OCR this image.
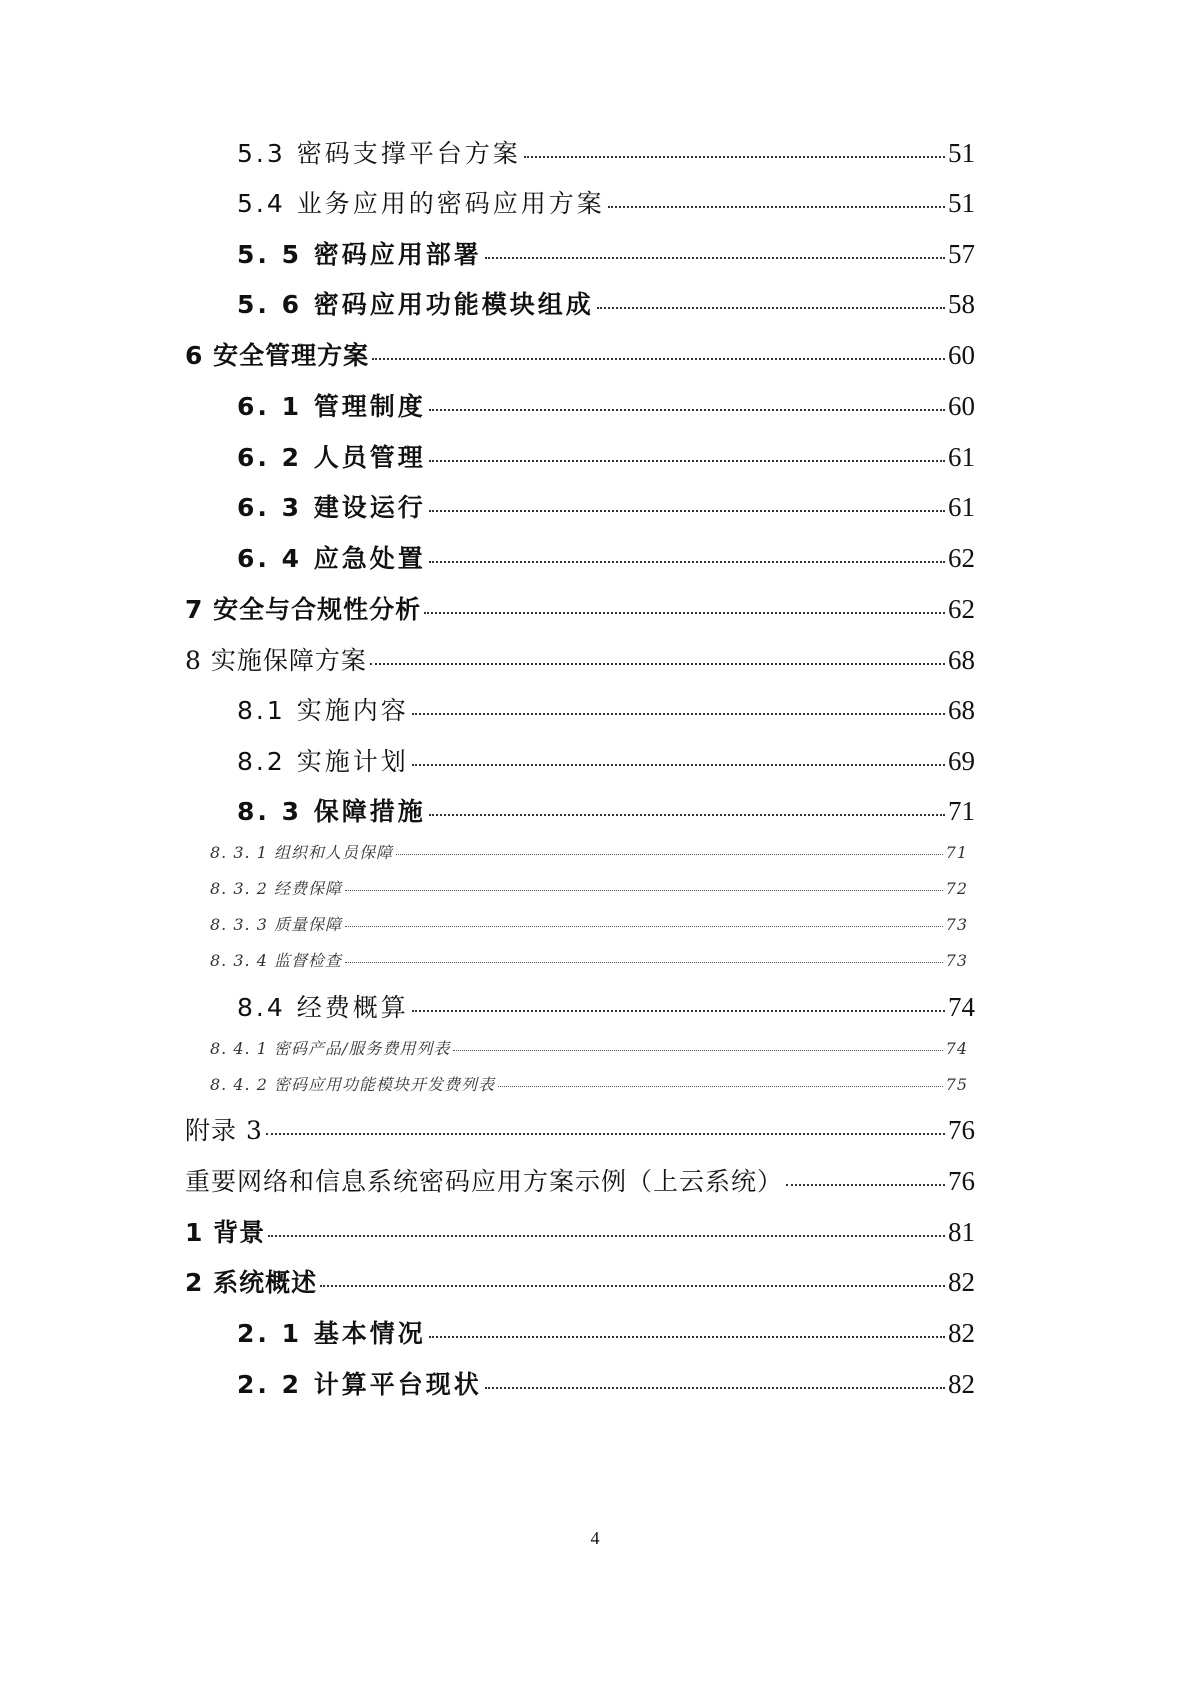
5.3 密码支撑平台方案	51
5.4 业务应用的密码应用方案	51
5. 5 密码应用部署	57
5. 6 密码应用功能模块组成	58
6 安全管理方案	60
6. 1 管理制度	60
6. 2 人员管理	61
6. 3 建设运行	61
6. 4 应急处置	62
7 安全与合规性分析	62
8 实施保障方案	68
8.1 实施内容	68
8.2 实施计划	69
8. 3 保障措施	71
8. 3. 1 组织和人员保障	71
8. 3. 2 经费保障	72
8. 3. 3 质量保障	73
8. 3. 4 监督检查	73
8.4 经费概算	74
8. 4. 1 密码产品/服务费用列表	74
8. 4. 2 密码应用功能模块开发费列表	75
附录 3	76
重要网络和信息系统密码应用方案示例（上云系统）	76
1 背景	81
2 系统概述	82
2. 1 基本情况	82
2. 2 计算平台现状	82
4
